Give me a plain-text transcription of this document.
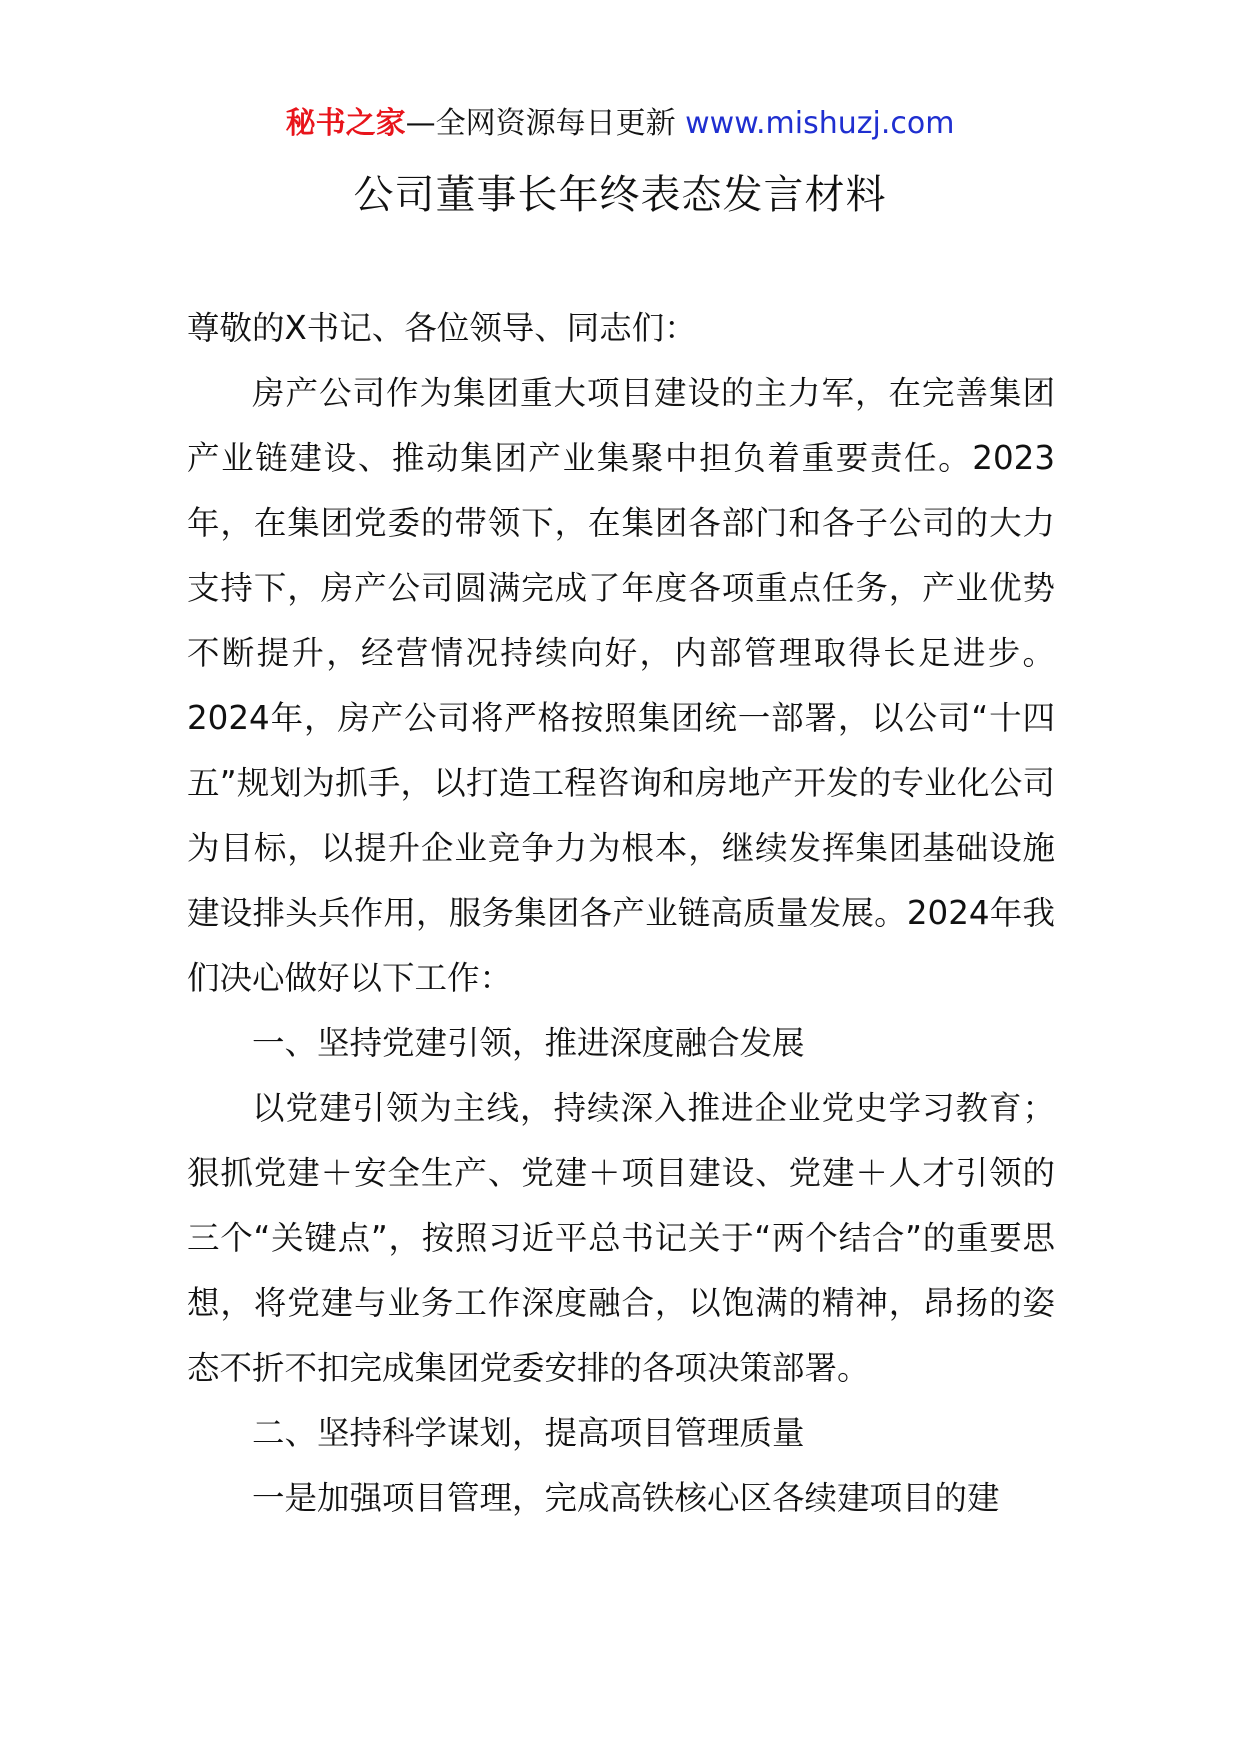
秘书之家—全网资源每日更新 www.mishuzj.com
公司董事长年终表态发言材料

尊敬的X书记、各位领导、同志们：

房产公司作为集团重大项目建设的主力军，在完善集团产业链建设、推动集团产业集聚中担负着重要责任。2023年，在集团党委的带领下，在集团各部门和各子公司的大力支持下，房产公司圆满完成了年度各项重点任务，产业优势不断提升，经营情况持续向好，内部管理取得长足进步。2024年，房产公司将严格按照集团统一部署，以公司“十四五”规划为抓手，以打造工程咨询和房地产开发的专业化公司为目标，以提升企业竞争力为根本，继续发挥集团基础设施建设排头兵作用，服务集团各产业链高质量发展。2024年我们决心做好以下工作：

一、坚持党建引领，推进深度融合发展

以党建引领为主线，持续深入推进企业党史学习教育；狠抓党建＋安全生产、党建＋项目建设、党建＋人才引领的三个“关键点”，按照习近平总书记关于“两个结合”的重要思想，将党建与业务工作深度融合，以饱满的精神，昂扬的姿态不折不扣完成集团党委安排的各项决策部署。

二、坚持科学谋划，提高项目管理质量

一是加强项目管理，完成高铁核心区各续建项目的建
